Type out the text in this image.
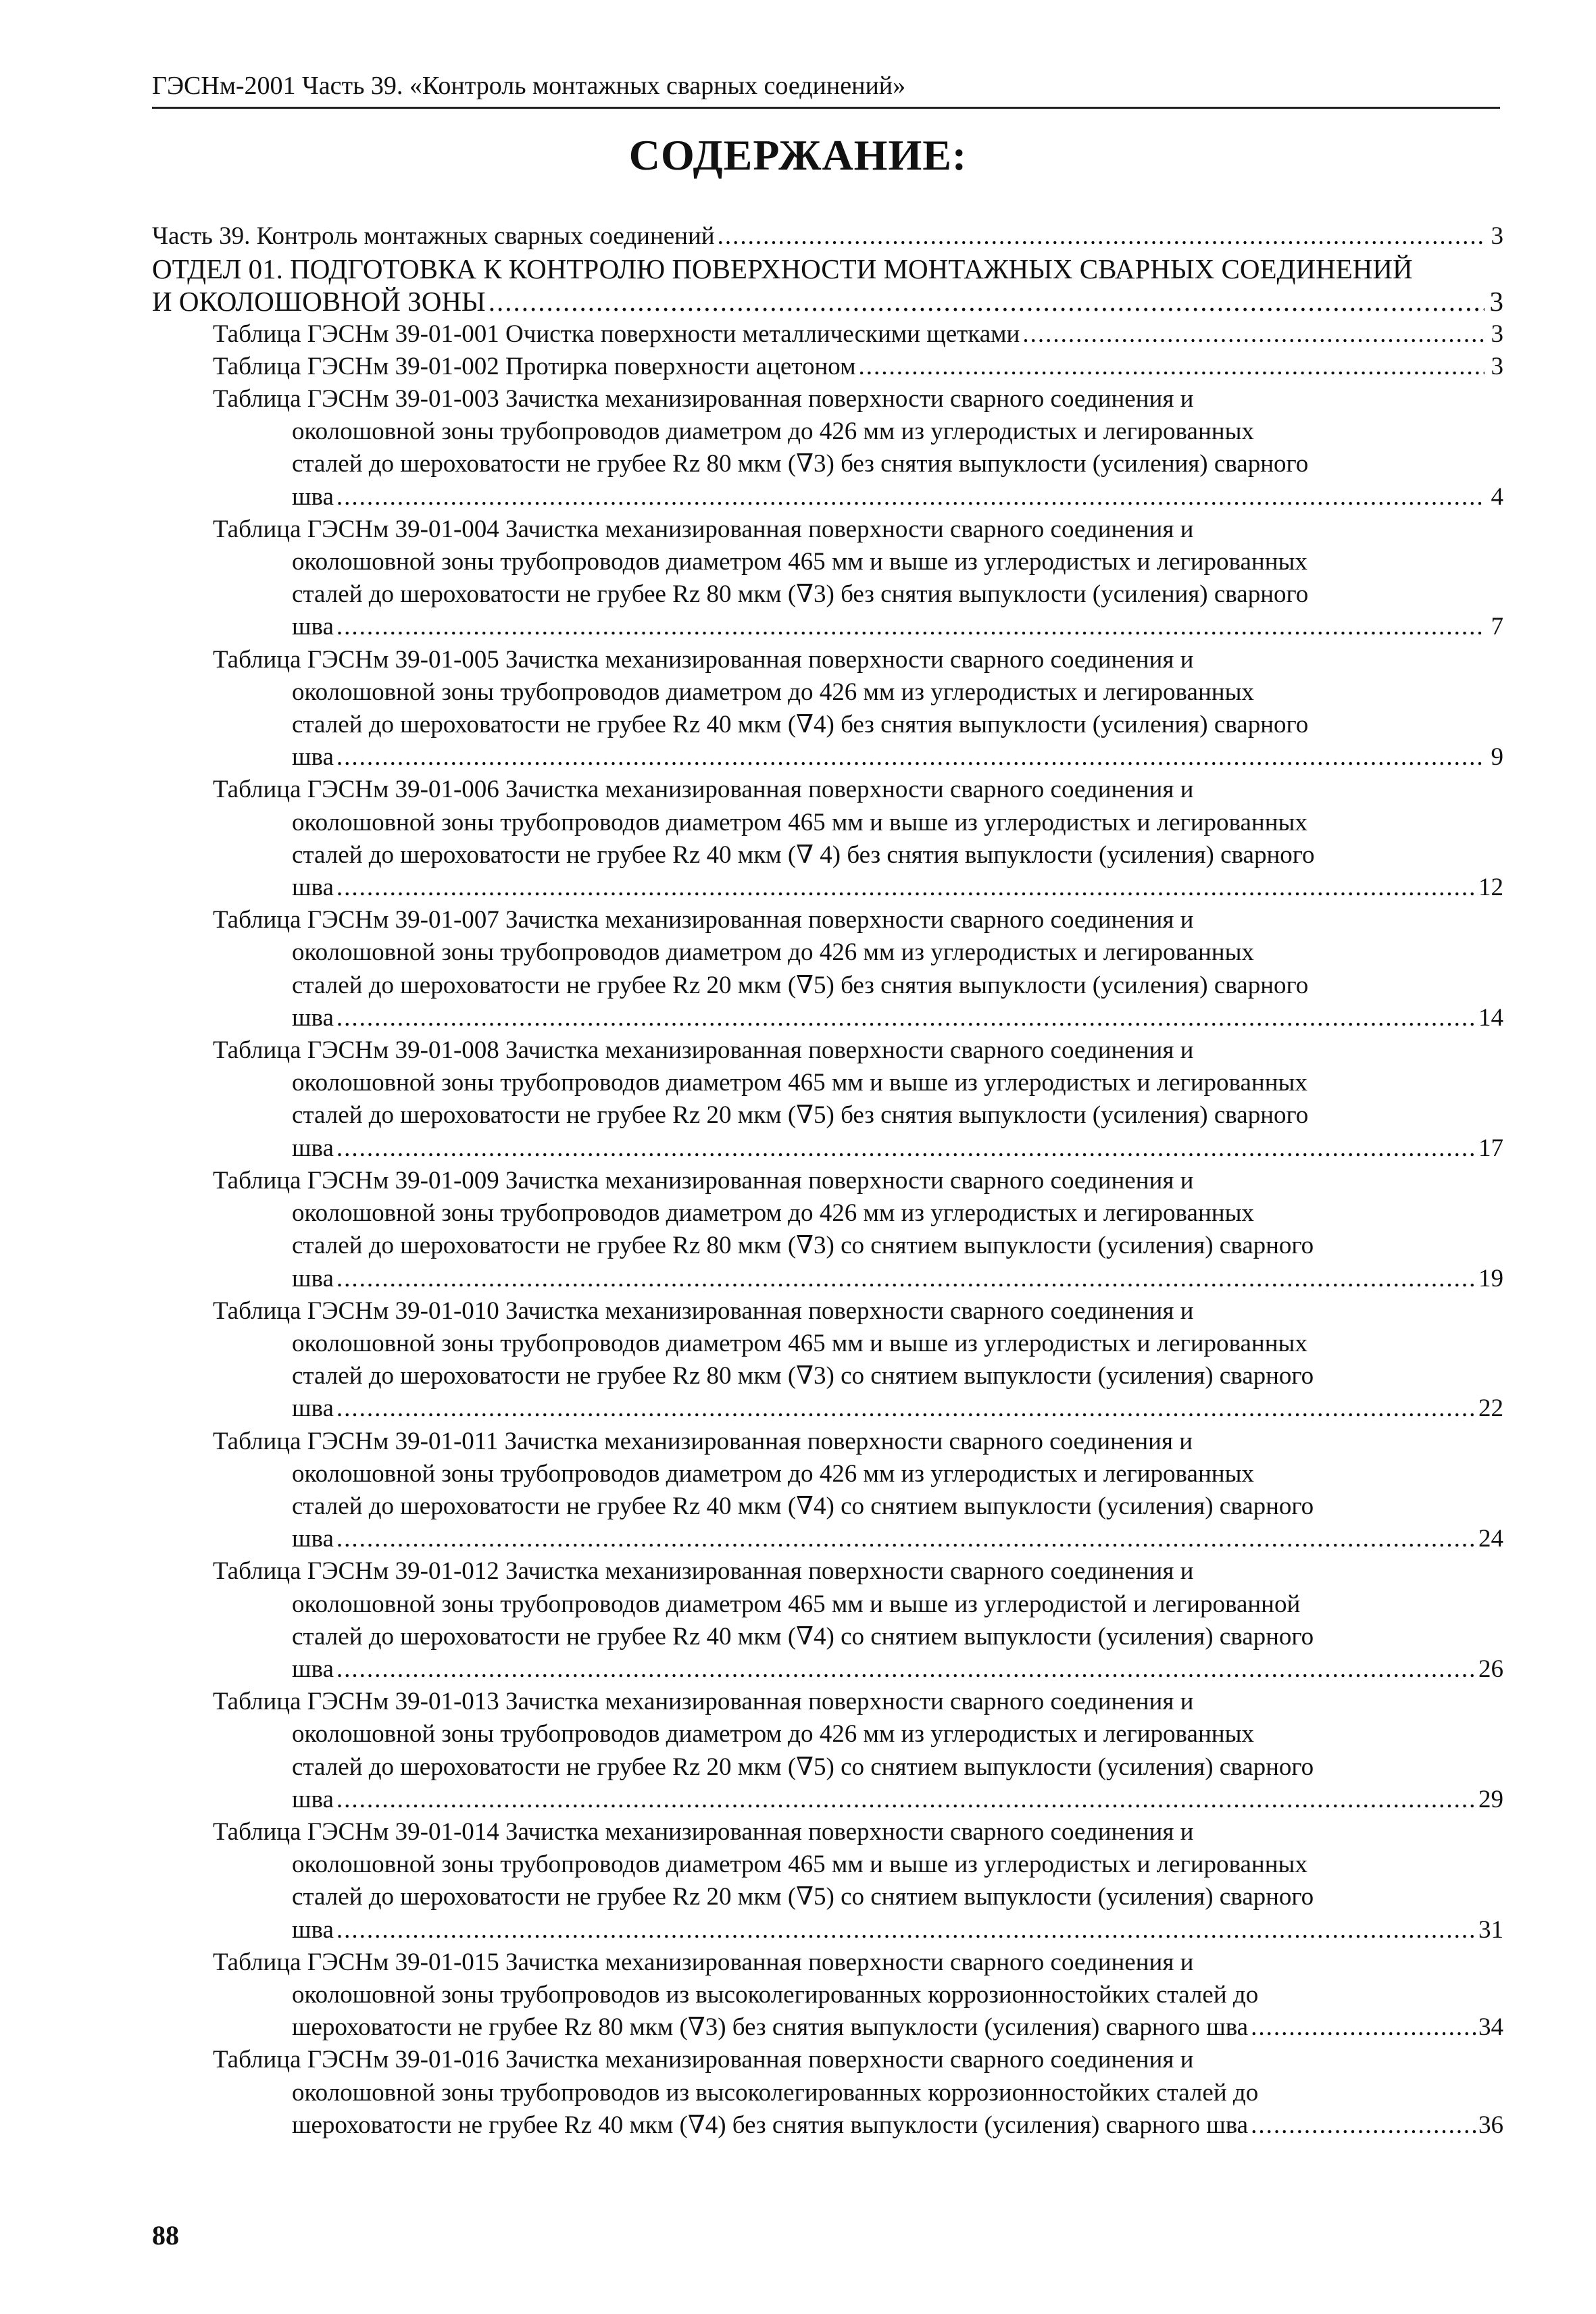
ГЭСНм-2001 Часть 39. «Контроль монтажных сварных соединений»
СОДЕРЖАНИЕ:
Часть 39. Контроль монтажных сварных соединений .....	3
ОТДЕЛ 01. ПОДГОТОВКА К КОНТРОЛЮ ПОВЕРХНОСТИ МОНТАЖНЫХ СВАРНЫХ СОЕДИНЕНИЙ
И ОКОЛОШОВНОЙ ЗОНЫ .....	3
Таблица ГЭСНм 39-01-001 Очистка поверхности металлическими щетками .....	3
Таблица ГЭСНм 39-01-002 Протирка поверхности ацетоном .....	3
Таблица ГЭСНм 39-01-003 Зачистка механизированная поверхности сварного соединения и
околошовной зоны трубопроводов диаметром до 426 мм из углеродистых и легированных
сталей до шероховатости не грубее Rz 80 мкм (∇3) без снятия выпуклости (усиления) сварного
шва .....	4
Таблица ГЭСНм 39-01-004 Зачистка механизированная поверхности сварного соединения и
околошовной зоны трубопроводов диаметром 465 мм и выше из углеродистых и легированных
сталей до шероховатости не грубее Rz 80 мкм (∇3) без снятия выпуклости (усиления) сварного
шва .....	7
Таблица ГЭСНм 39-01-005 Зачистка механизированная поверхности сварного соединения и
околошовной зоны трубопроводов диаметром до 426 мм из углеродистых и легированных
сталей до шероховатости не грубее Rz 40 мкм (∇4) без снятия выпуклости (усиления) сварного
шва .....	9
Таблица ГЭСНм 39-01-006 Зачистка механизированная поверхности сварного соединения и
околошовной зоны трубопроводов диаметром 465 мм и выше из углеродистых и легированных
сталей до шероховатости не грубее Rz 40 мкм (∇ 4) без снятия выпуклости (усиления) сварного
шва .....	12
Таблица ГЭСНм 39-01-007 Зачистка механизированная поверхности сварного соединения и
околошовной зоны трубопроводов диаметром до 426 мм из углеродистых и легированных
сталей до шероховатости не грубее Rz 20 мкм (∇5) без снятия выпуклости (усиления) сварного
шва .....	14
Таблица ГЭСНм 39-01-008 Зачистка механизированная поверхности сварного соединения и
околошовной зоны трубопроводов диаметром 465 мм и выше из углеродистых и легированных
сталей до шероховатости не грубее Rz 20 мкм (∇5) без снятия выпуклости (усиления) сварного
шва .....	17
Таблица ГЭСНм 39-01-009 Зачистка механизированная поверхности сварного соединения и
околошовной зоны трубопроводов диаметром до 426 мм из углеродистых и легированных
сталей до шероховатости не грубее Rz 80 мкм (∇3) со снятием выпуклости (усиления) сварного
шва .....	19
Таблица ГЭСНм 39-01-010 Зачистка механизированная поверхности сварного соединения и
околошовной зоны трубопроводов диаметром 465 мм и выше из углеродистых и легированных
сталей до шероховатости не грубее Rz 80 мкм (∇3) со снятием выпуклости (усиления) сварного
шва .....	22
Таблица ГЭСНм 39-01-011 Зачистка механизированная поверхности сварного соединения и
околошовной зоны трубопроводов диаметром до 426 мм из углеродистых и легированных
сталей до шероховатости не грубее Rz 40 мкм (∇4) со снятием выпуклости (усиления) сварного
шва .....	24
Таблица ГЭСНм 39-01-012 Зачистка механизированная поверхности сварного соединения и
околошовной зоны трубопроводов диаметром 465 мм и выше из углеродистой и легированной
сталей до шероховатости не грубее Rz 40 мкм (∇4) со снятием выпуклости (усиления) сварного
шва .....	26
Таблица ГЭСНм 39-01-013 Зачистка механизированная поверхности сварного соединения и
околошовной зоны трубопроводов диаметром до 426 мм из углеродистых и легированных
сталей до шероховатости не грубее Rz 20 мкм (∇5) со снятием выпуклости (усиления) сварного
шва .....	29
Таблица ГЭСНм 39-01-014 Зачистка механизированная поверхности сварного соединения и
околошовной зоны трубопроводов диаметром 465 мм и выше из углеродистых и легированных
сталей до шероховатости не грубее Rz 20 мкм (∇5) со снятием выпуклости (усиления) сварного
шва .....	31
Таблица ГЭСНм 39-01-015 Зачистка механизированная поверхности сварного соединения и
околошовной зоны трубопроводов из высоколегированных коррозионностойких сталей до
шероховатости не грубее Rz 80 мкм (∇3) без снятия выпуклости (усиления) сварного шва .....	34
Таблица ГЭСНм 39-01-016 Зачистка механизированная поверхности сварного соединения и
околошовной зоны трубопроводов из высоколегированных коррозионностойких сталей до
шероховатости не грубее Rz 40 мкм (∇4) без снятия выпуклости (усиления) сварного шва .....	36
88
